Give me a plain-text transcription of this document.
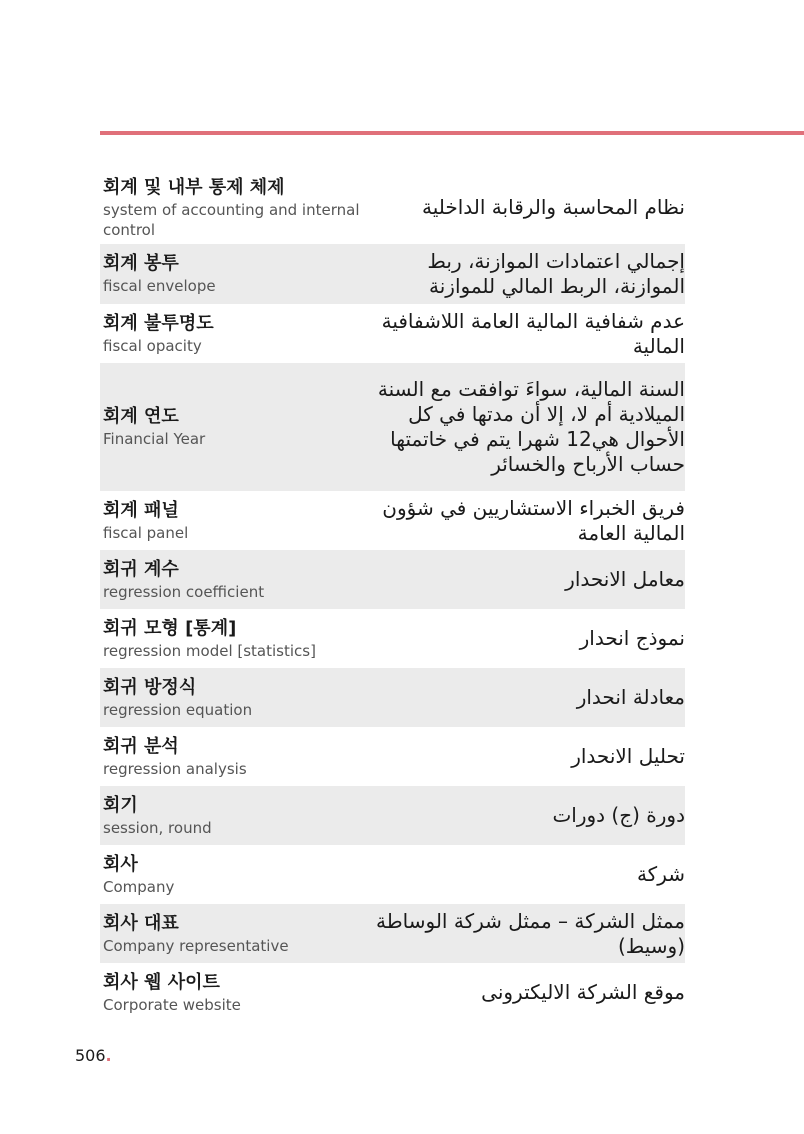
회계 및 내부 통제 체제
system of accounting and internal control
نظام المحاسبة والرقابة الداخلية
회계 봉투
fiscal envelope
إجمالي اعتمادات الموازنة، ربط الموازنة، الربط المالي للموازنة
회계 불투명도
fiscal opacity
عدم شفافية المالية العامة اللاشفافية المالية
회계 연도
Financial Year
السنة المالية، سواءَ توافقت مع السنة الميلادية أم لا، إلا أن مدتها في كل الأحوال هي12 شهرا يتم في خاتمتها حساب الأرباح والخسائر
회계 패널
fiscal panel
فريق الخبراء الاستشاريين في شؤون المالية العامة
회귀 계수
regression coefficient
معامل الانحدار
회귀 모형 [통계]
regression model [statistics]
نموذج انحدار
회귀 방정식
regression equation
معادلة انحدار
회귀 분석
regression analysis
تحليل الانحدار
회기
session, round
دورة (ج) دورات
회사
Company
شركة
회사 대표
Company representative
ممثل الشركة – ممثل شركة الوساطة (وسيط)
회사 웹 사이트
Corporate website
موقع الشركة الاليكترونى
506.
